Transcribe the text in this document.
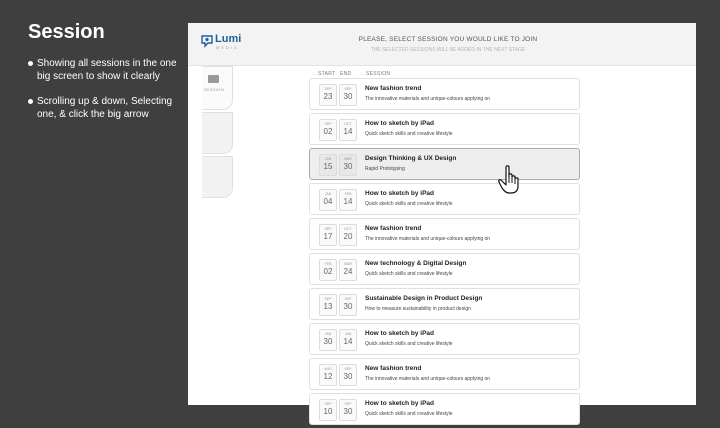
Session
Showing all sessions in the one big screen to show it clearly
Scrolling up & down, Selecting one, & click the big arrow
Lumi
MEDIA
PLEASE, SELECT SESSION YOU WOULD LIKE TO JOIN
THE SELECTED SESSIONS WILL BE ADDED IN THE NEXT STAGE
SESSION
START END	SESSION
SEP
23
SEP
30
New fashion trend
The innovative materials and unique-colours applying on
SEP
02
OCT
14
How to sketch by iPad
Quick sketch skills and creative lifestyle
JAN
15
MAR
30
Design Thinking & UX Design
Rapid Prototyping
JAN
04
FEB
14
How to sketch by iPad
Quick sketch skills and creative lifestyle
SEP
17
OCT
20
New fashion trend
The innovative materials and unique-colours applying on
FEB
02
MAR
24
New technology & Digital Design
Quick sketch skills and creative lifestyle
SEP
13
SEP
30
Sustainable Design in Product Design
How to measure sustainability in product design
JAN
30
JAN
14
How to sketch by iPad
Quick sketch skills and creative lifestyle
AUG
12
SEP
30
New fashion trend
The innovative materials and unique-colours applying on
SEP
10
SEP
30
How to sketch by iPad
Quick sketch skills and creative lifestyle
